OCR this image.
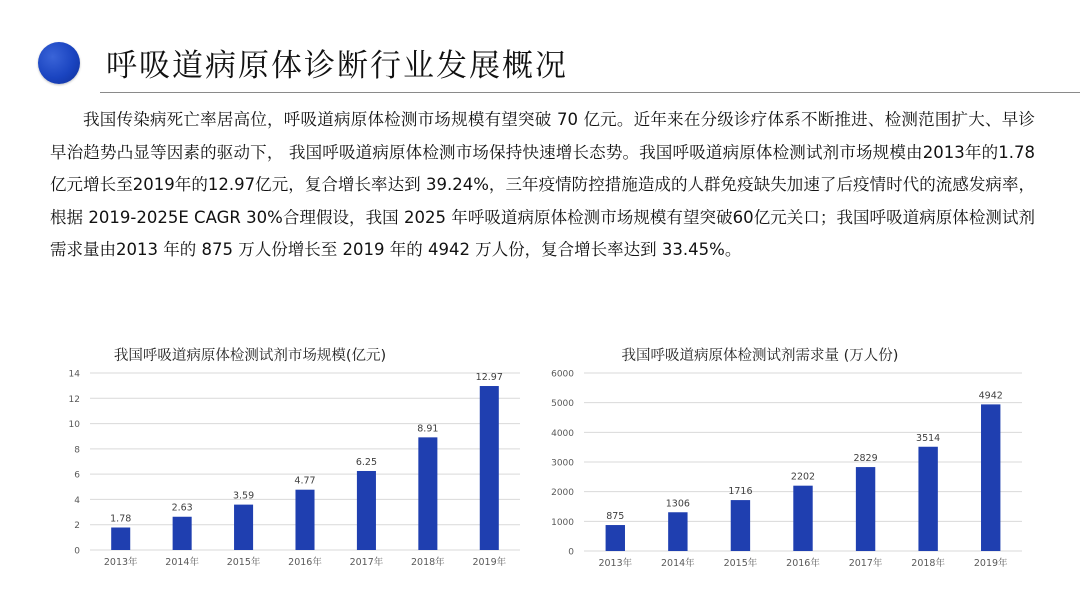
呼吸道病原体诊断行业发展概况

我国传染病死亡率居高位，呼吸道病原体检测市场规模有望突破 70 亿元。近年来在分级诊疗体系不断推进、检测范围扩大、早诊早治趋势凸显等因素的驱动下， 我国呼吸道病原体检测市场保持快速增长态势。我国呼吸道病原体检测试剂市场规模由2013年的1.78亿元增长至2019年的12.97亿元，复合增长率达到 39.24%，三年疫情防控措施造成的人群免疫缺失加速了后疫情时代的流感发病率，根据 2019-2025E CAGR 30%合理假设，我国 2025 年呼吸道病原体检测市场规模有望突破60亿元关口；我国呼吸道病原体检测试剂需求量由2013 年的 875 万人份增长至 2019 年的 4942 万人份，复合增长率达到 33.45%。

我国呼吸道病原体检测试剂市场规模(亿元)
0
2
4
6
8
10
12
14
1.78
2013年
2.63
2014年
3.59
2015年
4.77
2016年
6.25
2017年
8.91
2018年
12.97
2019年
我国呼吸道病原体检测试剂需求量 (万人份)
0
1000
2000
3000
4000
5000
6000
875
2013年
1306
2014年
1716
2015年
2202
2016年
2829
2017年
3514
2018年
4942
2019年
